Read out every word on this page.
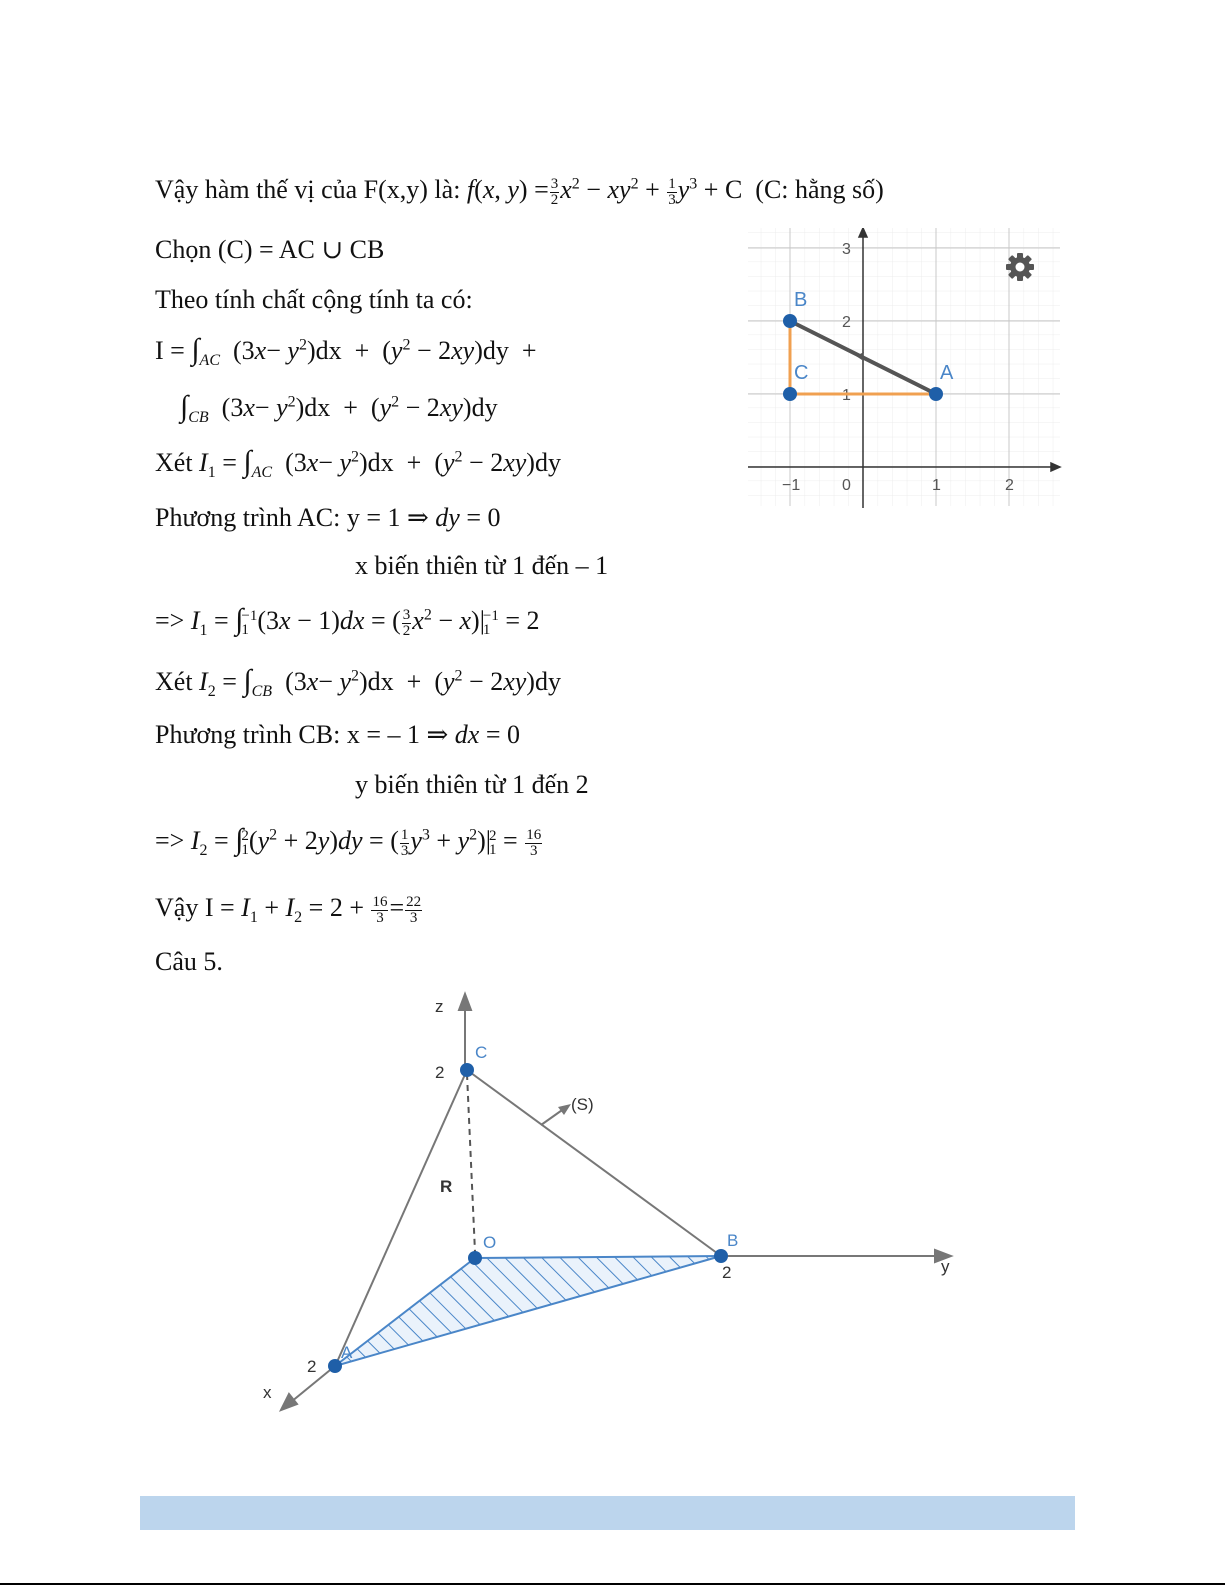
Vậy hàm thế vị của F(x,y) là: f(x, $y) = \frac{3}{2} x^2 - xy^2 + \frac{1}{3} y^3 + C$  (C: hằng số)
Chọn (C) = AC ∪ CB
Theo tính chất cộng tính ta có:
$I = \int_{AC}$  $(3x- y^2)dx + (y^2 - 2xy)dy$  +
$\int_{CB}$  $(3x- y^2)dx + (y^2 - 2xy)dy$
Xét $I_1 = \int_{AC}$  $(3x- y^2)dx + (y^2 - 2xy)dy$
Phương trình AC: y = 1 ⇒ dy = 0
x biến thiên từ 1 đến – 1
=> $I_1$ = ∫
−1
1 (3x − 1)dx = ( $\frac{3}{2} x^2 - x)|$
−1
1 = 2
Xét $I_2 = \int_{CB}$  $(3x- y^2)dx + (y^2 - 2xy)dy$
Phương trình CB: x = – 1 ⇒ dx = 0
y biến thiên từ 1 đến 2
=> $I_2$ = ∫
2
1 $(y^2 + 2y)dy$ = ( $\frac{1}{3} y^3 + y^2)|$
2
$1 = \frac{16}{3}$
Vậy $I = I_1 + I_2 = 2 + \frac{16}{3} = \frac{22}{3}$
Câu 5.
−1	0	1	2
1
2
3
B
C	A
C
O	B
A
2
2
2
z
y
x
(S)
R
